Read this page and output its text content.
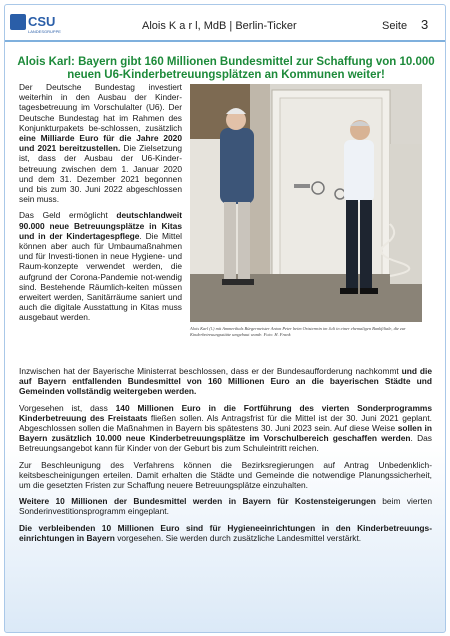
CSU
LANDESGRUPPE	Alois K a r l, MdB | Berlin-Ticker	Seite 3
Alois Karl: Bayern gibt 160 Millionen Bundesmittel zur Schaffung von 10.000 neuen U6-Kinderbetreuungsplätzen an Kommunen weiter!

Der Deutsche Bundestag investiert weiterhin in den Ausbau der Kinder-tagesbetreuung im Vorschulalter (U6). Der Deutsche Bundestag hat im Rahmen des Konjunkturpakets be-schlossen, zusätzlich eine Milliarde Euro für die Jahre 2020 und 2021 bereitzustellen. Die Zielsetzung ist, dass der Ausbau der U6-Kinder-betreuung zwischen dem 1. Januar 2020 und dem 31. Dezember 2021 begonnen und bis zum 30. Juni 2022 abgeschlossen sein muss.

Das Geld ermöglicht deutschlandweit 90.000 neue Betreuungsplätze in Kitas und in der Kindertagespflege. Die Mittel können aber auch für Umbaumaßnahmen und für Investi-tionen in neue Hygiene- und Raum-konzepte verwendet werden, die aufgrund der Corona-Pandemie not-wendig sind. Bestehende Räumlich-keiten müssen erweitert werden, Sanitärräume saniert und auch die digitale Ausstattung in Kitas muss ausgebaut werden.

Alois Karl (l.) mit Ammerthals Bürgermeister Anton Peter beim Ortstermin im Juli in einer ehemaligen Bankfiliale, die zur Kinderbetreuungsstätte umgebaut wurde. Foto: H. Frank

Inzwischen hat der Bayerische Ministerrat beschlossen, dass er der Bundesaufforderung nachkommt und die auf Bayern entfallenden Bundesmittel von 160 Millionen Euro an die bayerischen Städte und Gemeinden vollständig weitergeben werden.

Vorgesehen ist, dass 140 Millionen Euro in die Fortführung des vierten Sonderprogramms Kinderbetreuung des Freistaats fließen sollen. Als Antragsfrist für die Mittel ist der 30. Juni 2021 geplant. Abgeschlossen sollen die Maßnahmen in Bayern bis spätestens 30. Juni 2023 sein. Auf diese Weise sollen in Bayern zusätzlich 10.000 neue Kinderbetreuungsplätze im Vorschulbereich geschaffen werden. Das Betreuungsangebot kann für Kinder von der Geburt bis zum Schuleintritt reichen.

Zur Beschleunigung des Verfahrens können die Bezirksregierungen auf Antrag Unbedenklich-keitsbescheinigungen erteilen. Damit erhalten die Städte und Gemeinde die notwendige Planungssicherheit, um die gesetzten Fristen zur Schaffung neuere Betreuungsplätze einzuhalten.

Weitere 10 Millionen der Bundesmittel werden in Bayern für Kostensteigerungen beim vierten Sonderinvestitionsprogramm eingeplant.

Die verbleibenden 10 Millionen Euro sind für Hygieneeinrichtungen in den Kinderbetreuungs-einrichtungen in Bayern vorgesehen. Sie werden durch zusätzliche Landesmittel verstärkt.
